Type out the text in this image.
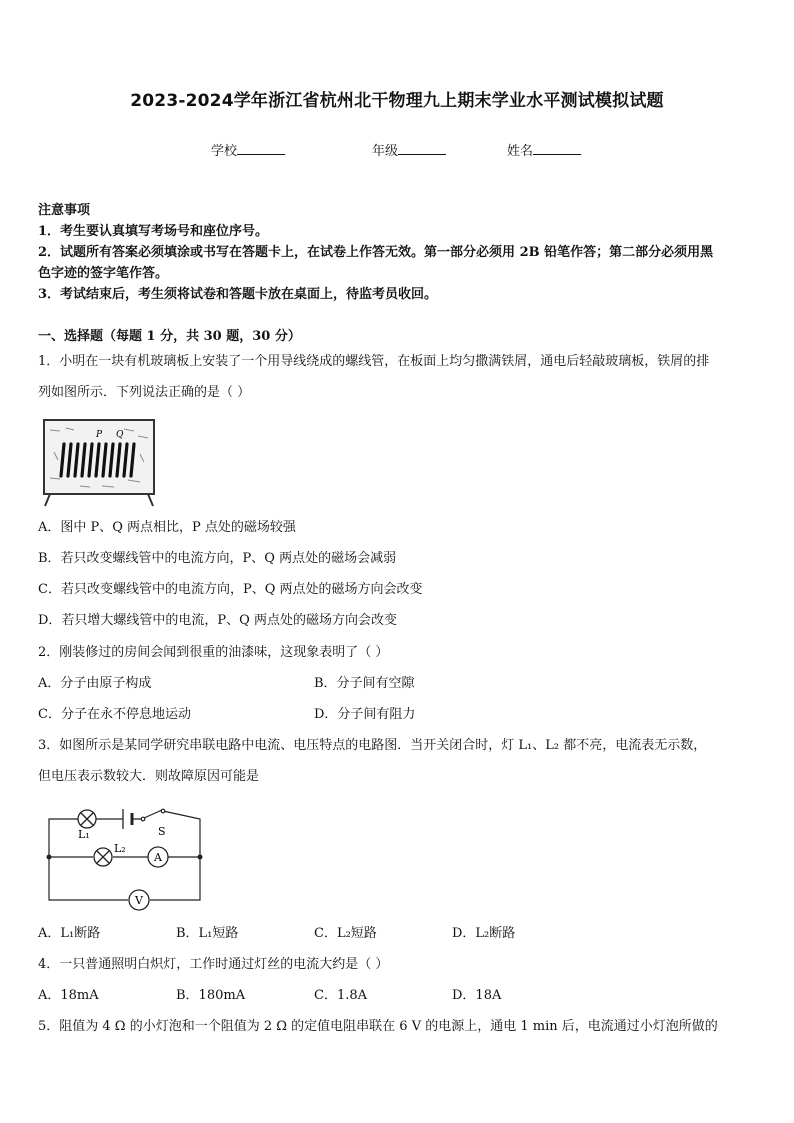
2023-2024学年浙江省杭州北干物理九上期末学业水平测试模拟试题
学校	年级	姓名
注意事项
1．考生要认真填写考场号和座位序号。
2．试题所有答案必须填涂或书写在答题卡上，在试卷上作答无效。第一部分必须用 2B 铅笔作答；第二部分必须用黑
色字迹的签字笔作答。
3．考试结束后，考生须将试卷和答题卡放在桌面上，待监考员收回。
一、选择题（每题 1 分，共 30 题，30 分）
1．小明在一块有机玻璃板上安装了一个用导线绕成的螺线管，在板面上均匀撒满铁屑，通电后轻敲玻璃板，铁屑的排
列如图所示．下列说法正确的是（ ）
P Q
A．图中 P、Q 两点相比，P 点处的磁场较强
B．若只改变螺线管中的电流方向，P、Q 两点处的磁场会减弱
C．若只改变螺线管中的电流方向，P、Q 两点处的磁场方向会改变
D．若只增大螺线管中的电流，P、Q 两点处的磁场方向会改变
2．刚装修过的房间会闻到很重的油漆味，这现象表明了（ ）
A．分子由原子构成	B．分子间有空隙
C．分子在永不停息地运动	D．分子间有阻力
3．如图所示是某同学研究串联电路中电流、电压特点的电路图．当开关闭合时，灯 L₁、L₂ 都不亮，电流表无示数，
但电压表示数较大．则故障原因可能是
A
V
L₁	S
L₂
A．L₁断路	B．L₁短路	C．L₂短路	D．L₂断路
4．一只普通照明白炽灯，工作时通过灯丝的电流大约是（ ）
A．18mA	B．180mA	C．1.8A	D．18A
5．阻值为 4 Ω 的小灯泡和一个阻值为 2 Ω 的定值电阻串联在 6 V 的电源上，通电 1 min 后，电流通过小灯泡所做的
